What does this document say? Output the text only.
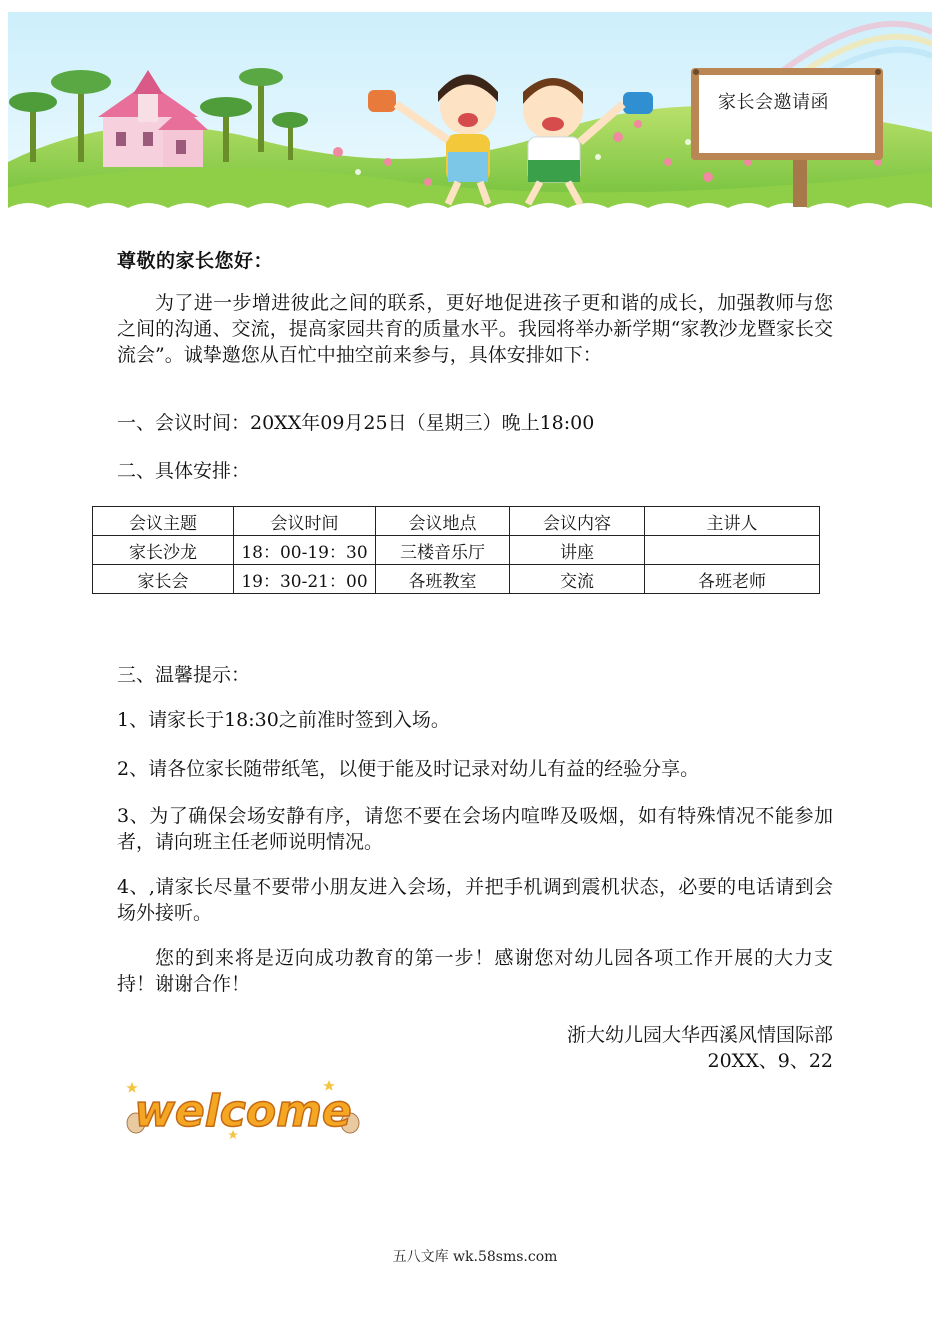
家长会邀请函
尊敬的家长您好：
为了进一步增进彼此之间的联系，更好地促进孩子更和谐的成长，加强教师与您之间的沟通、交流，提高家园共育的质量水平。我园将举办新学期“家教沙龙暨家长交流会”。诚挚邀您从百忙中抽空前来参与，具体安排如下：
一、会议时间：20XX年09月25日（星期三）晚上18:00
二、具体安排：
会议主题	会议时间	会议地点	会议内容	主讲人
家长沙龙	18：00-19：30	三楼音乐厅	讲座	
家长会	19：30-21：00	各班教室	交流	各班老师
三、温馨提示：
1、请家长于18:30之前准时签到入场。
2、请各位家长随带纸笔，以便于能及时记录对幼儿有益的经验分享。
3、为了确保会场安静有序，请您不要在会场内喧哗及吸烟，如有特殊情况不能参加者，请向班主任老师说明情况。
4、,请家长尽量不要带小朋友进入会场，并把手机调到震机状态，必要的电话请到会场外接听。
您的到来将是迈向成功教育的第一步！感谢您对幼儿园各项工作开展的大力支持！谢谢合作！
浙大幼儿园大华西溪风情国际部
20XX、9、22
welcome
五八文库 wk.58sms.com
